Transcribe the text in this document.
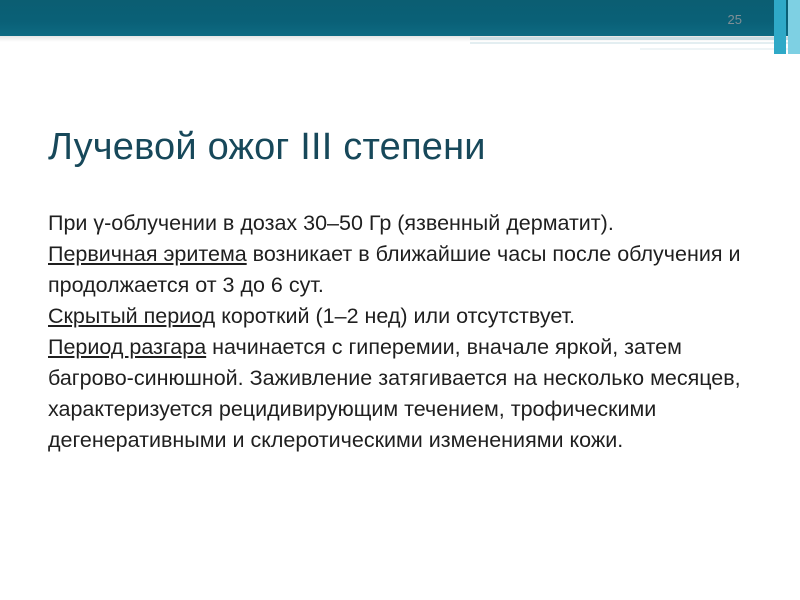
25
Лучевой ожог III степени

При γ-облучении в дозах 30–50 Гр (язвенный дерматит).

Первичная эритема возникает в ближайшие часы после облучения и продолжается от 3 до 6 сут.

Скрытый период короткий (1–2 нед) или отсутствует.

Период разгара начинается с гиперемии, вначале яркой, затем багрово-синюшной. Заживление затягивается на несколько месяцев, характеризуется рецидивирующим течением, трофическими дегенеративными и склеротическими изменениями кожи.
